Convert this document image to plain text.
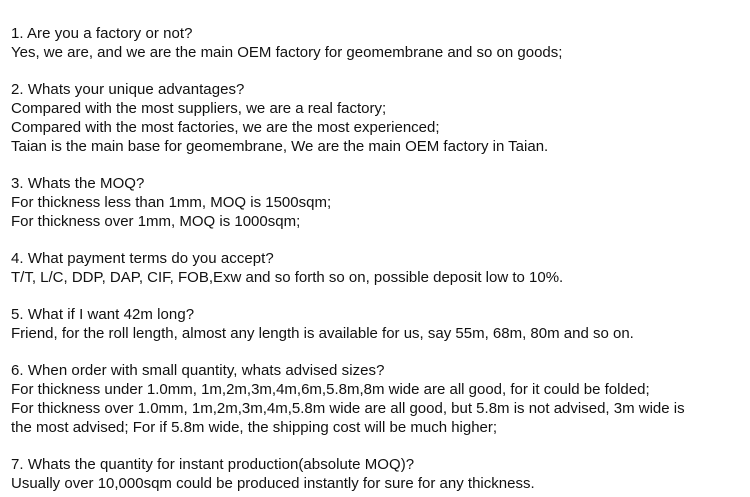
1. Are you a factory or not?

Yes, we are, and we are the main OEM factory for geomembrane and so on goods;

2. Whats your unique advantages?

Compared with the most suppliers, we are a real factory;

Compared with the most factories, we are the most experienced;

Taian is the main base for geomembrane, We are the main OEM factory in Taian.

3. Whats the MOQ?

For thickness less than 1mm, MOQ is 1500sqm;

For thickness over 1mm, MOQ is 1000sqm;

4. What payment terms do you accept?

T/T, L/C, DDP, DAP, CIF, FOB,Exw and so forth so on, possible deposit low to 10%.

5. What if I want 42m long?

Friend, for the roll length, almost any length is available for us, say 55m, 68m, 80m and so on.

6. When order with small quantity, whats advised sizes?

For thickness under 1.0mm, 1m,2m,3m,4m,6m,5.8m,8m wide are all good, for it could be folded;

For thickness over 1.0mm, 1m,2m,3m,4m,5.8m wide are all good, but 5.8m is not advised, 3m wide is

the most advised; For if 5.8m wide, the shipping cost will be much higher;

7. Whats the quantity for instant production(absolute MOQ)?

Usually over 10,000sqm could be produced instantly for sure for any thickness.
